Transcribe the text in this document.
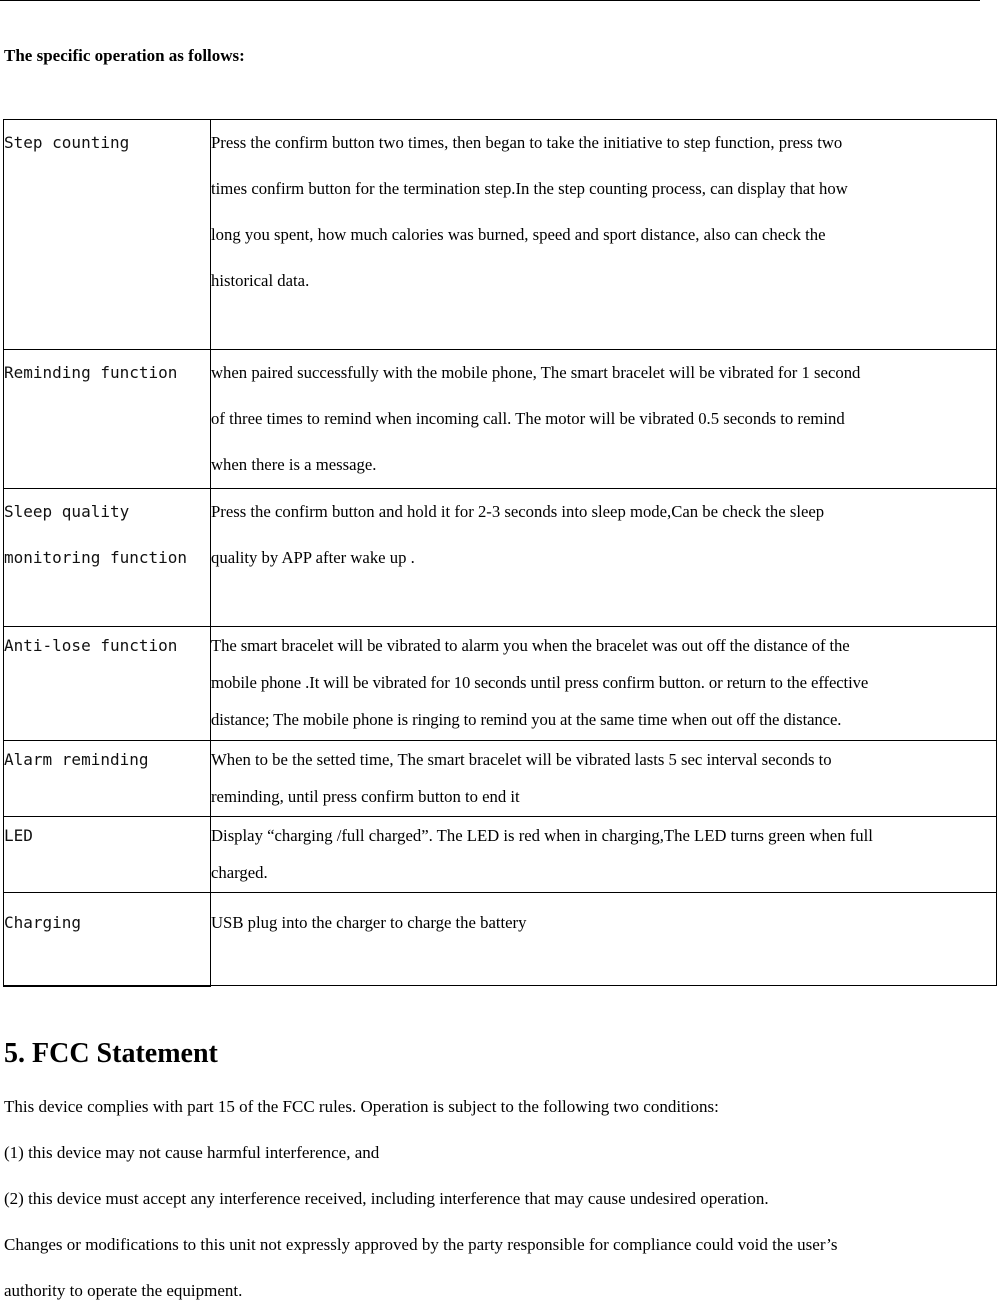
The specific operation as follows:
Step counting	Press the confirm button two times, then began to take the initiative to step function, press two
times confirm button for the termination step.In the step counting process, can display that how
long you spent, how much calories was burned, speed and sport distance, also can check the
historical data.

Reminding function	when paired successfully with the mobile phone, The smart bracelet will be vibrated for 1 second
of three times to remind when incoming call. The motor will be vibrated 0.5 seconds to remind
when there is a message.

Sleep quality
monitoring function	Press the confirm button and hold it for 2-3 seconds into sleep mode,Can be check the sleep
quality by APP after wake up .

Anti-lose function	The smart bracelet will be vibrated to alarm you when the bracelet was out off the distance of the
mobile phone .It will be vibrated for 10 seconds until press confirm button. or return to the effective
distance; The mobile phone is ringing to remind you at the same time when out off the distance.

Alarm reminding	When to be the setted time, The smart bracelet will be vibrated lasts 5 sec interval seconds to
reminding, until press confirm button to end it

LED	Display “charging /full charged”. The LED is red when in charging,The LED turns green when full
charged.

Charging	USB plug into the charger to charge the battery
5. FCC Statement
This device complies with part 15 of the FCC rules. Operation is subject to the following two conditions:
(1) this device may not cause harmful interference, and
(2) this device must accept any interference received, including interference that may cause undesired operation.
Changes or modifications to this unit not expressly approved by the party responsible for compliance could void the user’s
authority to operate the equipment.
